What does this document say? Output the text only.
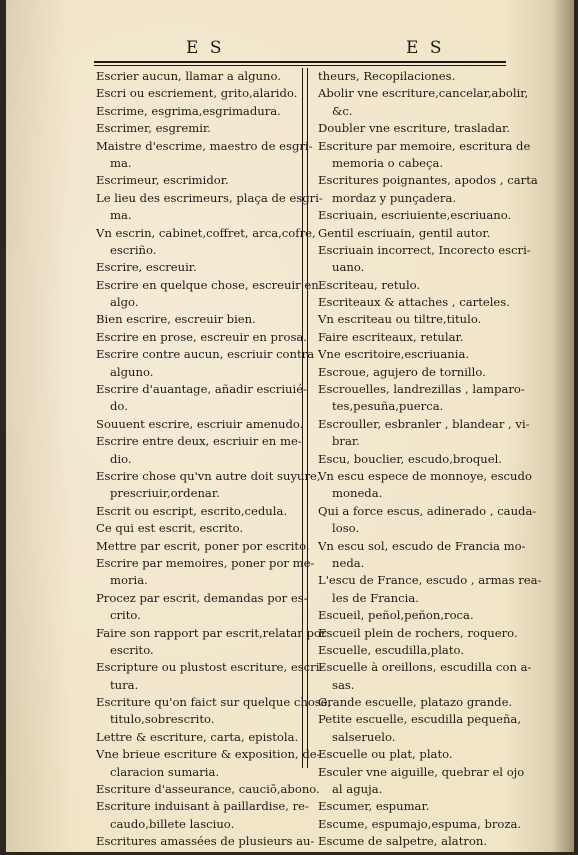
E S	E S
Escrier aucun, llamar a alguno.
Escri ou escriement, grito,alarido.
Escrime, esgrima,esgrimadura.
Escrimer, esgremir.
Maistre d'escrime, maestro de esgri-
ma.
Escrimeur, escrimidor.
Le lieu des escrimeurs, plaça de esgri-
ma.
Vn escrin, cabinet,coffret, arca,cofre,
escriño.
Escrire, escreuir.
Escrire en quelque chose, escreuir en
algo.
Bien escrire, escreuir bien.
Escrire en prose, escreuir en prosa.
Escrire contre aucun, escriuir contra
alguno.
Escrire d'auantage, añadir escriuié-
do.
Souuent escrire, escriuir amenudo.
Escrire entre deux, escriuir en me-
dio.
Escrire chose qu'vn autre doit suyure,
prescriuir,ordenar.
Escrit ou escript, escrito,cedula.
Ce qui est escrit, escrito.
Mettre par escrit, poner por escrito.
Escrire par memoires, poner por me-
moria.
Procez par escrit, demandas por es-
crito.
Faire son rapport par escrit,relatar por
escrito.
Escripture ou plustost escriture, escri-
tura.
Escriture qu'on faict sur quelque chose,
titulo,sobrescrito.
Lettre & escriture, carta, epistola.
Vne brieue escriture & exposition, de-
claracion sumaria.
Escriture d'asseurance, cauciō,abono.
Escriture induisant à paillardise, re-
caudo,billete lasciuo.
Escritures amassées de plusieurs au-
theurs, Recopilaciones.
Abolir vne escriture,cancelar,abolir,
&c.
Doubler vne escriture, trasladar.
Escriture par memoire, escritura de
memoria o cabeça.
Escritures poignantes, apodos , carta
mordaz y punçadera.
Escriuain, escriuiente,escriuano.
Gentil escriuain, gentil autor.
Escriuain incorrect, Incorecto escri-
uano.
Escriteau, retulo.
Escriteaux & attaches , carteles.
Vn escriteau ou tiltre,titulo.
Faire escriteaux, retular.
Vne escritoire,escriuania.
Escroue, agujero de tornillo.
Escrouelles, landrezillas , lamparo-
tes,pesuña,puerca.
Escrouller, esbranler , blandear , vi-
brar.
Escu, bouclier, escudo,broquel.
Vn escu espece de monnoye, escudo
moneda.
Qui a force escus, adinerado , cauda-
loso.
Vn escu sol, escudo de Francia mo-
neda.
L'escu de France, escudo , armas rea-
les de Francia.
Escueil, peñol,peñon,roca.
Escueil plein de rochers, roquero.
Escuelle, escudilla,plato.
Escuelle à oreillons, escudilla con a-
sas.
Grande escuelle, platazo grande.
Petite escuelle, escudilla pequeña,
salseruelo.
Escuelle ou plat, plato.
Esculer vne aiguille, quebrar el ojo
al aguja.
Escumer, espumar.
Escume, espumajo,espuma, broza.
Escume de salpetre, alatron.
